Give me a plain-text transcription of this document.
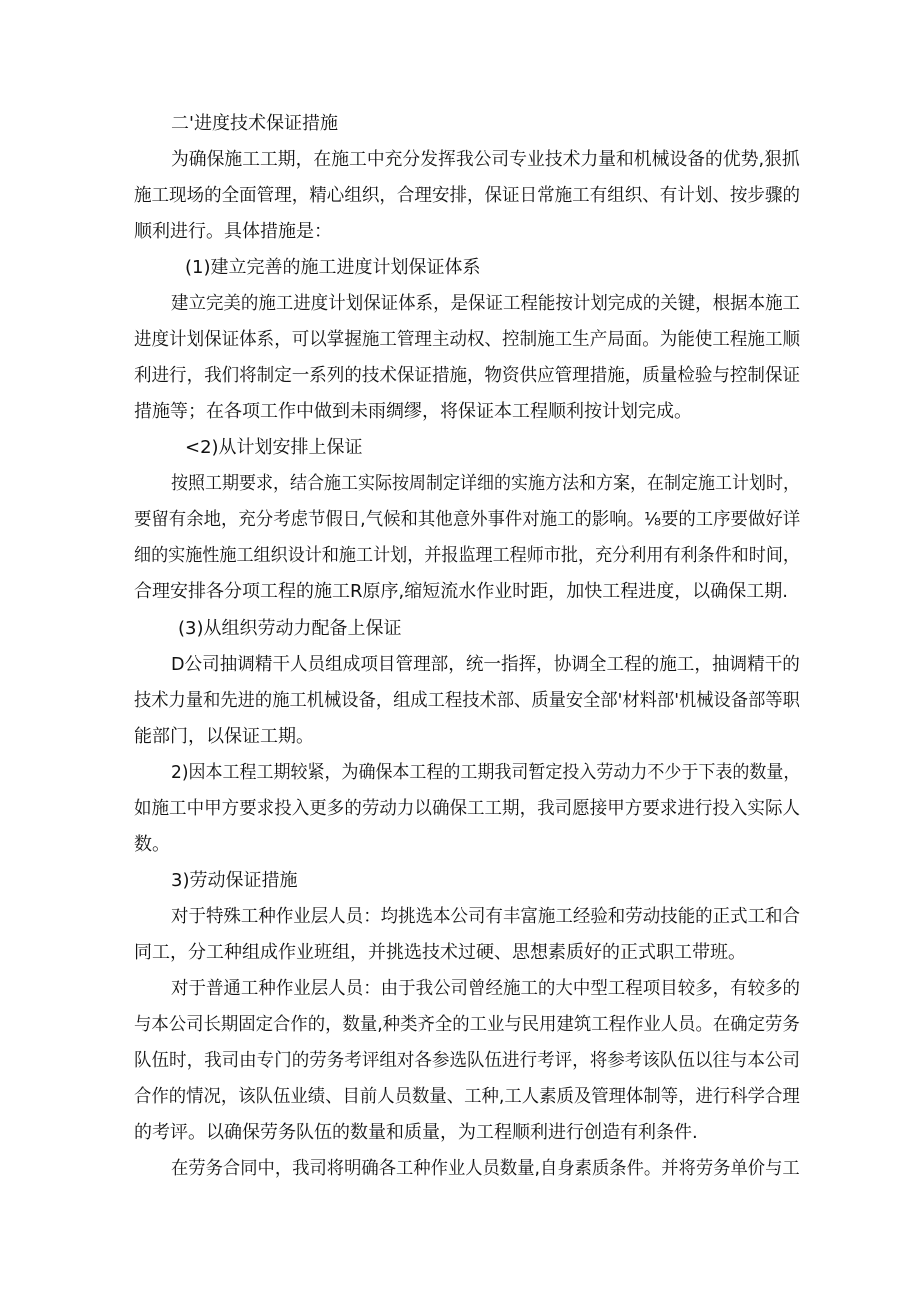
二'进度技术保证措施
为确保施工工期，在施工中充分发挥我公司专业技术力量和机械设备的优势,狠抓
施工现场的全面管理，精心组织，合理安排，保证日常施工有组织、有计划、按步骤的
顺利进行。具体措施是：
(1)建立完善的施工进度计划保证体系
建立完美的施工进度计划保证体系，是保证工程能按计划完成的关键，根据本施工
进度计划保证体系，可以掌握施工管理主动权、控制施工生产局面。为能使工程施工顺
利进行，我们将制定一系列的技术保证措施，物资供应管理措施，质量检验与控制保证
措施等；在各项工作中做到未雨绸缪，将保证本工程顺利按计划完成。
<2)从计划安排上保证
按照工期要求，结合施工实际按周制定详细的实施方法和方案，在制定施工计划时，
要留有余地，充分考虑节假日,气候和其他意外事件对施工的影响。⅛要的工序要做好详
细的实施性施工组织设计和施工计划，并报监理工程师市批，充分利用有利条件和时间，
合理安排各分项工程的施工R原序,缩短流水作业时距，加快工程进度，以确保工期.
(3)从组织劳动力配备上保证
D公司抽调精干人员组成项目管理部，统一指挥，协调全工程的施工，抽调精干的
技术力量和先进的施工机械设备，组成工程技术部、质量安全部'材料部'机械设备部等职
能部门，以保证工期。
2)因本工程工期较紧，为确保本工程的工期我司暂定投入劳动力不少于下表的数量，
如施工中甲方要求投入更多的劳动力以确保工工期，我司愿接甲方要求进行投入实际人
数。
3)劳动保证措施
对于特殊工种作业层人员：均挑选本公司有丰富施工经验和劳动技能的正式工和合
同工，分工种组成作业班组，并挑选技术过硬、思想素质好的正式职工带班。
对于普通工种作业层人员：由于我公司曾经施工的大中型工程项目较多，有较多的
与本公司长期固定合作的，数量,种类齐全的工业与民用建筑工程作业人员。在确定劳务
队伍时，我司由专门的劳务考评组对各参选队伍进行考评，将参考该队伍以往与本公司
合作的情况，该队伍业绩、目前人员数量、工种,工人素质及管理体制等，进行科学合理
的考评。以确保劳务队伍的数量和质量，为工程顺利进行创造有利条件.
在劳务合同中，我司将明确各工种作业人员数量,自身素质条件。并将劳务单价与工
